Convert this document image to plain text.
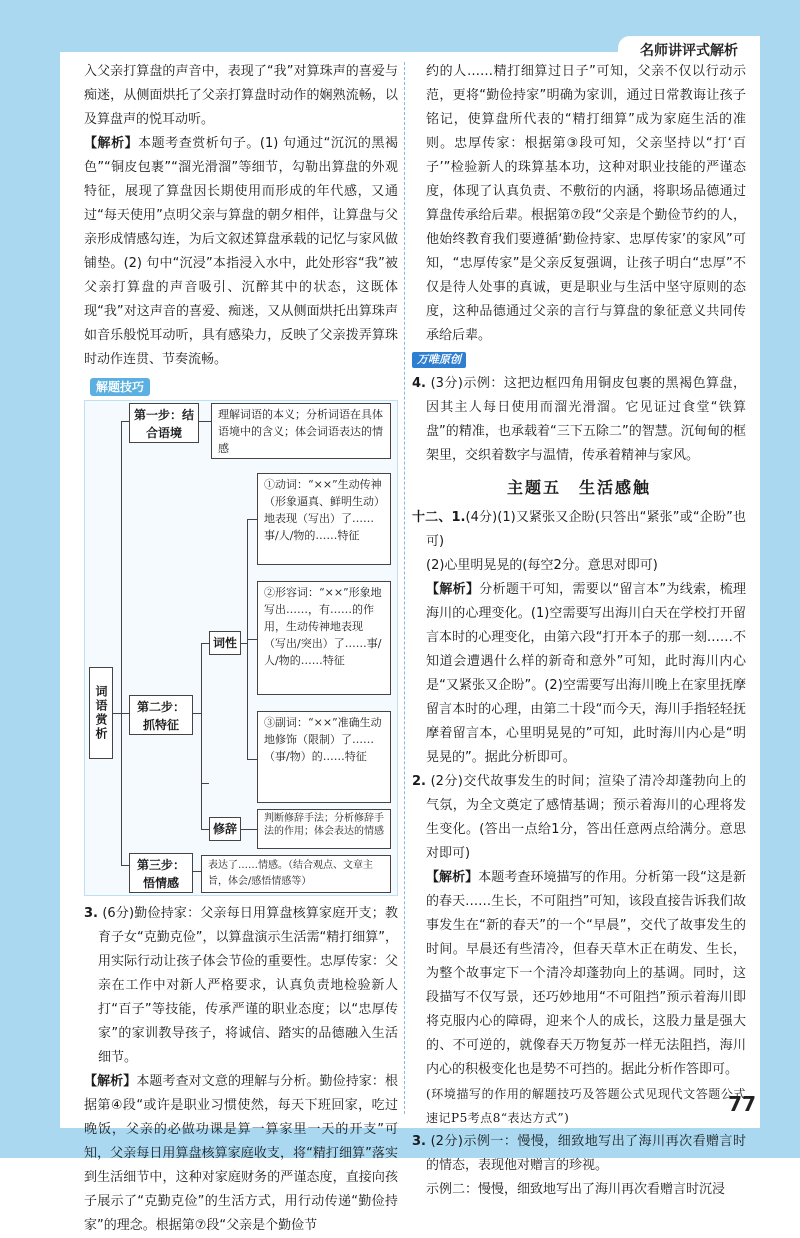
名师讲评式解析

入父亲打算盘的声音中，表现了“我”对算珠声的喜爱与痴迷，从侧面烘托了父亲打算盘时动作的娴熟流畅，以及算盘声的悦耳动听。

【解析】本题考查赏析句子。(1) 句通过“沉沉的黑褐色”“铜皮包裹”“溜光滑溜”等细节，勾勒出算盘的外观特征，展现了算盘因长期使用而形成的年代感，又通过“每天使用”点明父亲与算盘的朝夕相伴，让算盘与父亲形成情感勾连，为后文叙述算盘承载的记忆与家风做铺垫。(2) 句中“沉浸”本指浸入水中，此处形容“我”被父亲打算盘的声音吸引、沉醉其中的状态，这既体现“我”对这声音的喜爱、痴迷，又从侧面烘托出算珠声如音乐般悦耳动听，具有感染力，反映了父亲拨弄算珠时动作连贯、节奏流畅。

解题技巧
词语赏析
第一步：结合语境
理解词语的本义；分析词语在具体语境中的含义；体会词语表达的情感
第二步：抓特征
词性
①动词：“××”生动传神（形象逼真、鲜明生动）地表现（写出）了……事/人/物的……特征
②形容词：“××”形象地写出……，有……的作用，生动传神地表现（写出/突出）了……事/人/物的……特征
③副词：“××”准确生动地修饰（限制）了……（事/物）的……特征
修辞
判断修辞手法；分析修辞手法的作用；体会表达的情感
第三步：悟情感
表达了……情感。（结合观点、文章主旨，体会/感悟情感等）

3. (6分)勤俭持家：父亲每日用算盘核算家庭开支；教育子女“克勤克俭”，以算盘演示生活需“精打细算”，用实际行动让孩子体会节俭的重要性。忠厚传家：父亲在工作中对新人严格要求，认真负责地检验新人打“百子”等技能，传承严谨的职业态度；以“忠厚传家”的家训教导孩子，将诚信、踏实的品德融入生活细节。

【解析】本题考查对文意的理解与分析。勤俭持家：根据第④段“或许是职业习惯使然，每天下班回家，吃过晚饭，父亲的必做功课是算一算家里一天的开支”可知，父亲每日用算盘核算家庭收支，将“精打细算”落实到生活细节中，这种对家庭财务的严谨态度，直接向孩子展示了“克勤克俭”的生活方式，用行动传递“勤俭持家”的理念。根据第⑦段“父亲是个勤俭节

约的人……精打细算过日子”可知，父亲不仅以行动示范，更将“勤俭持家”明确为家训，通过日常教诲让孩子铭记，使算盘所代表的“精打细算”成为家庭生活的准则。忠厚传家：根据第③段可知，父亲坚持以“打‘百子’”检验新人的珠算基本功，这种对职业技能的严谨态度，体现了认真负责、不敷衍的内涵，将职场品德通过算盘传承给后辈。根据第⑦段“父亲是个勤俭节约的人，他始终教育我们要遵循‘勤俭持家、忠厚传家’的家风”可知，“忠厚传家”是父亲反复强调，让孩子明白“忠厚”不仅是待人处事的真诚，更是职业与生活中坚守原则的态度，这种品德通过父亲的言行与算盘的象征意义共同传承给后辈。

万唯原创

4. (3分)示例：这把边框四角用铜皮包裹的黑褐色算盘，因其主人每日使用而溜光滑溜。它见证过食堂“铁算盘”的精准，也承载着“三下五除二”的智慧。沉甸甸的框架里，交织着数字与温情，传承着精神与家风。

主题五　生活感触

十二、1.(4分)(1)又紧张又企盼(只答出“紧张”或“企盼”也可)

(2)心里明晃晃的(每空2分。意思对即可)

【解析】分析题干可知，需要以“留言本”为线索，梳理海川的心理变化。(1)空需要写出海川白天在学校打开留言本时的心理变化，由第六段“打开本子的那一刻……不知道会遭遇什么样的新奇和意外”可知，此时海川内心是“又紧张又企盼”。(2)空需要写出海川晚上在家里抚摩留言本时的心理，由第二十段“而今天，海川手指轻轻抚摩着留言本，心里明晃晃的”可知，此时海川内心是“明晃晃的”。据此分析即可。

2. (2分)交代故事发生的时间；渲染了清冷却蓬勃向上的气氛，为全文奠定了感情基调；预示着海川的心理将发生变化。(答出一点给1分，答出任意两点给满分。意思对即可)

【解析】本题考查环境描写的作用。分析第一段“这是新的春天……生长，不可阻挡”可知，该段直接告诉我们故事发生在“新的春天”的一个“早晨”，交代了故事发生的时间。早晨还有些清冷，但春天草木正在萌发、生长，为整个故事定下一个清冷却蓬勃向上的基调。同时，这段描写不仅写景，还巧妙地用“不可阻挡”预示着海川即将克服内心的障碍，迎来个人的成长，这股力量是强大的、不可逆的，就像春天万物复苏一样无法阻挡，海川内心的积极变化也是势不可挡的。据此分析作答即可。

(环境描写的作用的解题技巧及答题公式见现代文答题公式速记P5考点8“表达方式”)

3. (2分)示例一：慢慢，细致地写出了海川再次看赠言时的情态，表现他对赠言的珍视。

示例二：慢慢，细致地写出了海川再次看赠言时沉浸

77
